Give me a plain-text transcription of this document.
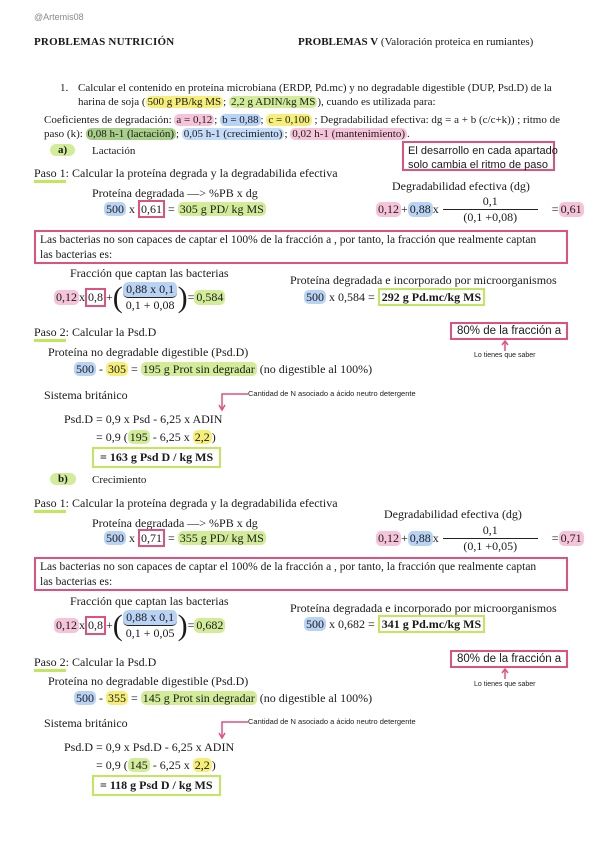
@Artemis08
PROBLEMAS NUTRICIÓN	PROBLEMAS V (Valoración proteica en rumiantes)
1. Calcular el contenido en proteína microbiana (ERDP, Pd.mc) y no degradable digestible (DUP, Psd.D) de la
harina de soja ( 500 g PB/kg MS ; 2,2 g ADIN/kg MS ), cuando es utilizada para:
Coeficientes de degradación: a = 0,12 ; b = 0,88 ; c = 0,100 ; Degradabilidad efectiva: dg = a + b (c/c+k)) ; ritmo de
paso (k): 0,08 h-1 (lactación) ; 0,05 h-1 (crecimiento) ; 0,02 h-1 (mantenimiento) .
El desarrollo en cada apartado
solo cambia el ritmo de paso
a)	Lactación
Paso 1: Calcular la proteína degrada y la degradabilida efectiva
Proteína degradada —> %PB x dg
500 x 0,61 = 305 g PD/ kg MS
Degradabilidad efectiva (dg)
0,12 + 0,88 x $\frac{0,1}{(0,1 +0,08)} = 0,61$
Las bacterias no son capaces de captar el 100% de la fracción a , por tanto, la fracción que realmente captan
las bacterias es:
Fracción que captan las bacterias
0,12 x 0,8 + ( $\frac{0,88 x 0,1}{0,1 + 0,08}$ ) = 0,584
Proteína degradada e incorporado por microorganismos
500 x 0,584 = 292 g Pd.mc/kg MS
Paso 2: Calcular la Psd.D	80% de la fracción a
Lo tienes que saber
Proteína no degradable digestible (Psd.D)
500 - 305 = 195 g Prot sin degradar (no digestible al 100%)
Sistema británico	Cantidad de N asociado a ácido neutro detergente
Psd.D = 0,9 x Psd - 6,25 x ADIN
= 0,9 ( 195 - 6,25 x 2,2 )
= 163 g Psd D / kg MS
b)	Crecimiento
Paso 1: Calcular la proteína degrada y la degradabilida efectiva
Proteína degradada —> %PB x dg
500 x 0,71 = 355 g PD/ kg MS
Degradabilidad efectiva (dg)
0,12 + 0,88 x $\frac{0,1}{(0,1 +0,05)} = 0,71$
Las bacterias no son capaces de captar el 100% de la fracción a , por tanto, la fracción que realmente captan
las bacterias es:
Fracción que captan las bacterias
0,12 x 0,8 + ( $\frac{0,88 x 0,1}{0,1 + 0,05}$ ) = 0,682
Proteína degradada e incorporado por microorganismos
500 x 0,682 = 341 g Pd.mc/kg MS
Paso 2: Calcular la Psd.D	80% de la fracción a
Lo tienes que saber
Proteína no degradable digestible (Psd.D)
500 - 355 = 145 g Prot sin degradar (no digestible al 100%)
Sistema británico	Cantidad de N asociado a ácido neutro detergente
Psd.D = 0,9 x Psd.D - 6,25 x ADIN
= 0,9 ( 145 - 6,25 x 2,2 )
= 118 g Psd D / kg MS
